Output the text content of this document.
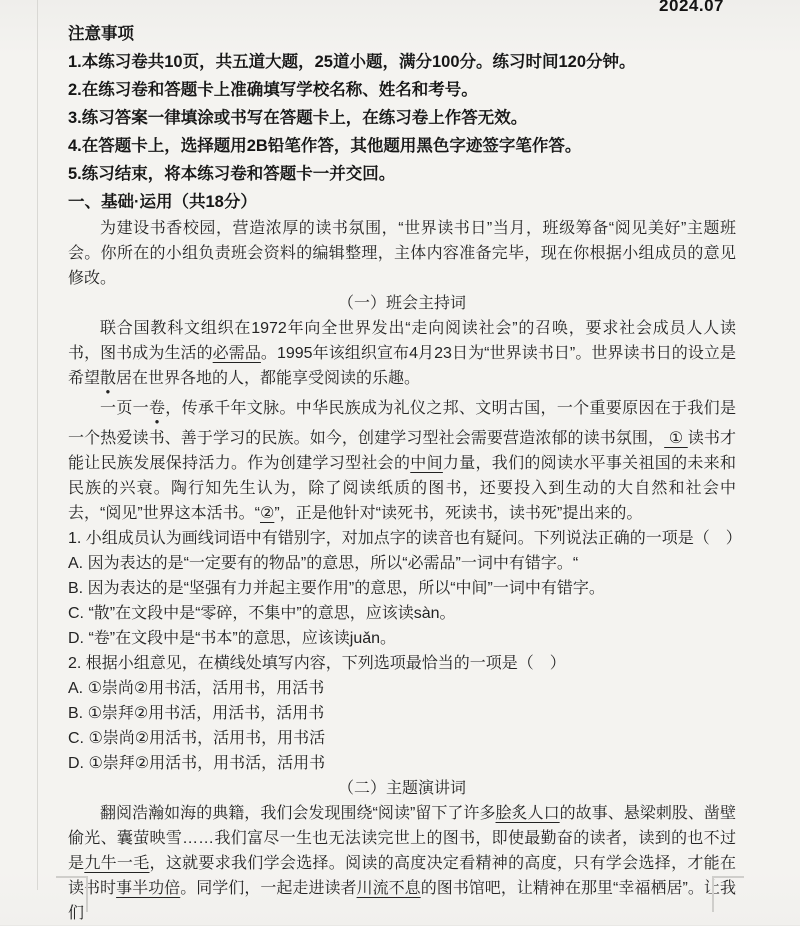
2024.07

注意事项

1.本练习卷共10页，共五道大题，25道小题，满分100分。练习时间120分钟。

2.在练习卷和答题卡上准确填写学校名称、姓名和考号。

3.练习答案一律填涂或书写在答题卡上，在练习卷上作答无效。

4.在答题卡上，选择题用2B铅笔作答，其他题用黑色字迹签字笔作答。

5.练习结束，将本练习卷和答题卡一并交回。

一、基础·运用（共18分）

为建设书香校园，营造浓厚的读书氛围，“世界读书日”当月，班级筹备“阅见美好”主题班会。你所在的小组负责班会资料的编辑整理，主体内容准备完毕，现在你根据小组成员的意见修改。

（一）班会主持词

联合国教科文组织在1972年向全世界发出“走向阅读社会”的召唤，要求社会成员人人读书，图书成为生活的必需品。1995年该组织宣布4月23日为“世界读书日”。世界读书日的设立是希望散居在世界各地的人，都能享受阅读的乐趣。

一页一卷，传承千年文脉。中华民族成为礼仪之邦、文明古国，一个重要原因在于我们是一个热爱读书、善于学习的民族。如今，创建学习型社会需要营造浓郁的读书氛围， ① 读书才能让民族发展保持活力。作为创建学习型社会的中间力量，我们的阅读水平事关祖国的未来和民族的兴衰。陶行知先生认为，除了阅读纸质的图书，还要投入到生动的大自然和社会中去，“阅见”世界这本活书。“②”，正是他针对“读死书，死读书，读书死”提出来的。

1. 小组成员认为画线词语中有错别字，对加点字的读音也有疑问。下列说法正确的一项是（　）

A. 因为表达的是“一定要有的物品”的意思，所以“必需品”一词中有错字。“

B. 因为表达的是“坚强有力并起主要作用”的意思，所以“中间”一词中有错字。

C. “散”在文段中是“零碎，不集中”的意思，应该读sàn。

D. “卷”在文段中是“书本”的意思，应该读juǎn。

2. 根据小组意见，在横线处填写内容，下列选项最恰当的一项是（　）

A. ①崇尚②用书活，活用书，用活书

B. ①崇拜②用书活，用活书，活用书

C. ①崇尚②用活书，活用书，用书活

D. ①崇拜②用活书，用书活，活用书

（二）主题演讲词

翻阅浩瀚如海的典籍，我们会发现围绕“阅读”留下了许多脍炙人口的故事、悬梁刺股、凿壁偷光、囊萤映雪……我们富尽一生也无法读完世上的图书，即使最勤奋的读者，读到的也不过是九牛一毛，这就要求我们学会选择。阅读的高度决定看精神的高度，只有学会选择，才能在读书时事半功倍。同学们，一起走进读者川流不息的图书馆吧，让精神在那里“幸福栖居”。让我们
